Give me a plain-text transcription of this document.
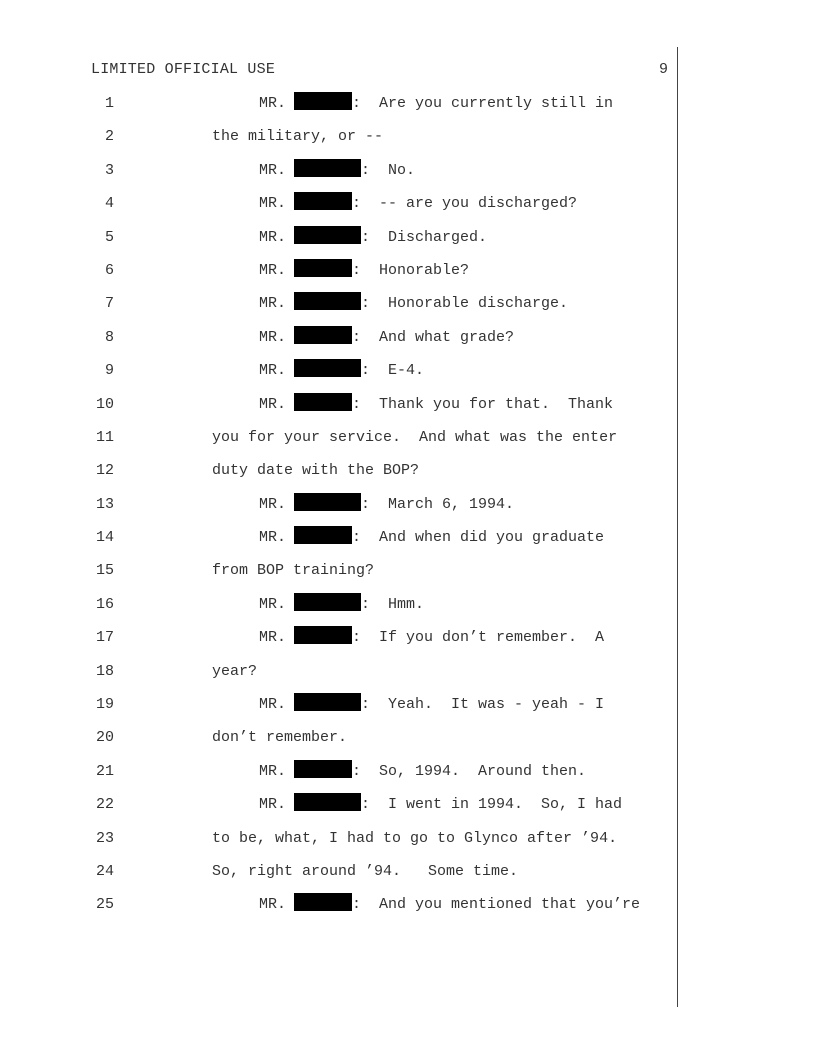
LIMITED OFFICIAL USE	9
1	MR.	:  Are you currently still in
2	the military, or --
3	MR.	:  No.
4	MR.	:  -- are you discharged?
5	MR.	:  Discharged.
6	MR.	:  Honorable?
7	MR.	:  Honorable discharge.
8	MR.	:  And what grade?
9	MR.	:  E-4.
10	MR.	:  Thank you for that.  Thank
11	you for your service.  And what was the enter
12	duty date with the BOP?
13	MR.	:  March 6, 1994.
14	MR.	:  And when did you graduate
15	from BOP training?
16	MR.	:  Hmm.
17	MR.	:  If you don’t remember.  A
18	year?
19	MR.	:  Yeah.  It was - yeah - I
20	don’t remember.
21	MR.	:  So, 1994.  Around then.
22	MR.	:  I went in 1994.  So, I had
23	to be, what, I had to go to Glynco after ’94.
24	So, right around ’94.   Some time.
25	MR.	:  And you mentioned that you’re
